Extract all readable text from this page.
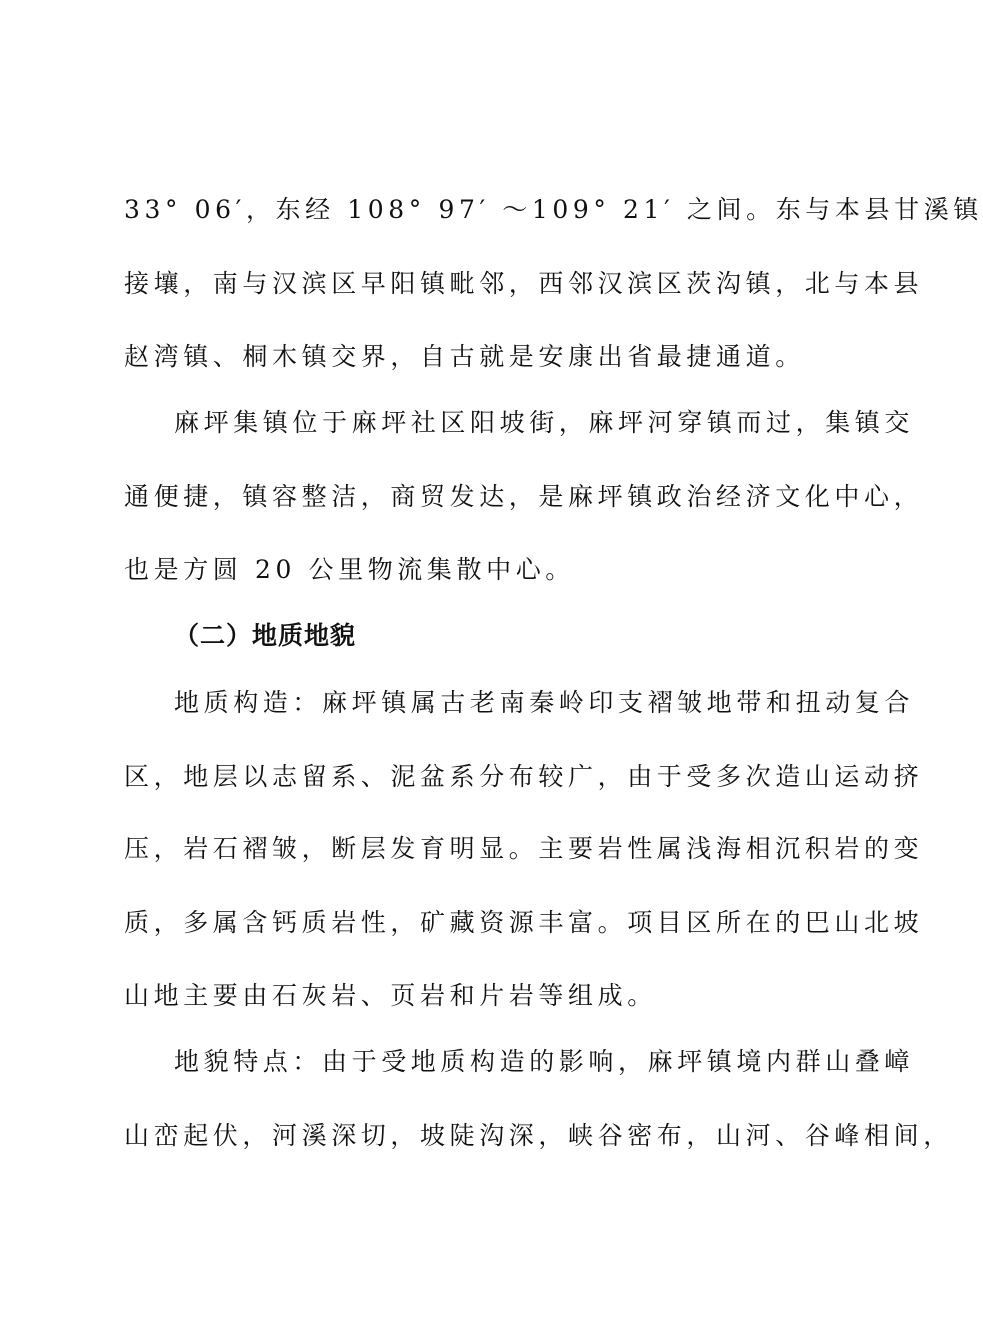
33° 06′，东经 108° 97′ ～109° 21′ 之间。东与本县甘溪镇
接壤，南与汉滨区早阳镇毗邻，西邻汉滨区茨沟镇，北与本县
赵湾镇、桐木镇交界，自古就是安康出省最捷通道。
麻坪集镇位于麻坪社区阳坡街，麻坪河穿镇而过，集镇交
通便捷，镇容整洁，商贸发达，是麻坪镇政治经济文化中心，
也是方圆 20 公里物流集散中心。
（二）地质地貌
地质构造：麻坪镇属古老南秦岭印支褶皱地带和扭动复合
区，地层以志留系、泥盆系分布较广，由于受多次造山运动挤
压，岩石褶皱，断层发育明显。主要岩性属浅海相沉积岩的变
质，多属含钙质岩性，矿藏资源丰富。项目区所在的巴山北坡
山地主要由石灰岩、页岩和片岩等组成。
地貌特点：由于受地质构造的影响，麻坪镇境内群山叠嶂
山峦起伏，河溪深切，坡陡沟深，峡谷密布，山河、谷峰相间，
